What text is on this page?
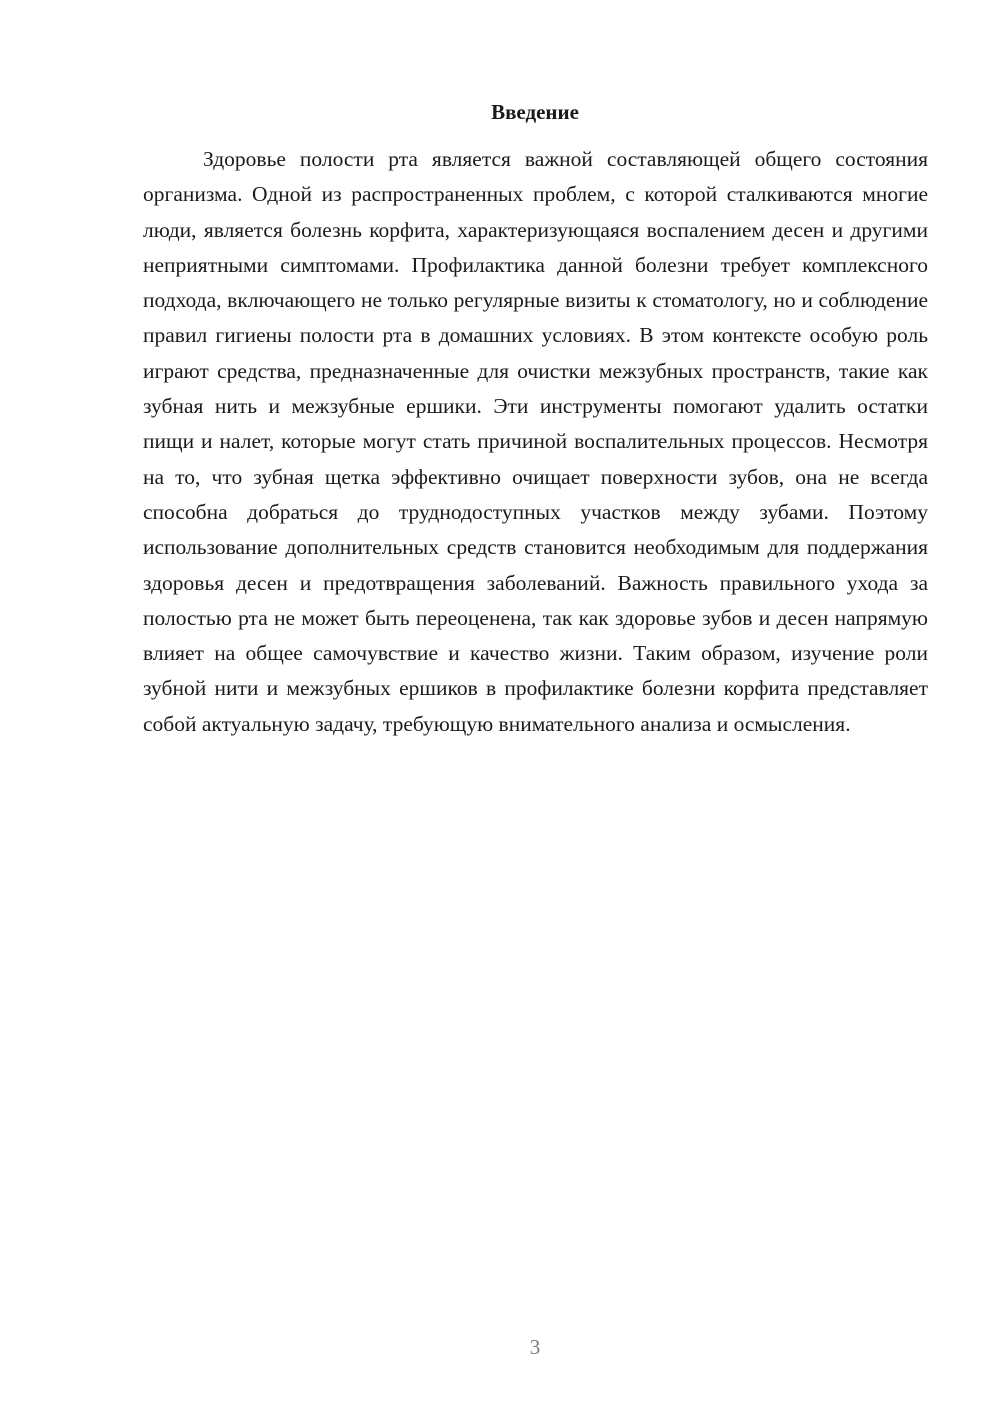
Введение

Здоровье полости рта является важной составляющей общего состояния организма. Одной из распространенных проблем, с которой сталкиваются многие люди, является болезнь корфита, характеризующаяся воспалением десен и другими неприятными симптомами. Профилактика данной болезни требует комплексного подхода, включающего не только регулярные визиты к стоматологу, но и соблюдение правил гигиены полости рта в домашних условиях. В этом контексте особую роль играют средства, предназначенные для очистки межзубных пространств, такие как зубная нить и межзубные ершики. Эти инструменты помогают удалить остатки пищи и налет, которые могут стать причиной воспалительных процессов. Несмотря на то, что зубная щетка эффективно очищает поверхности зубов, она не всегда способна добраться до труднодоступных участков между зубами. Поэтому использование дополнительных средств становится необходимым для поддержания здоровья десен и предотвращения заболеваний. Важность правильного ухода за полостью рта не может быть переоценена, так как здоровье зубов и десен напрямую влияет на общее самочувствие и качество жизни. Таким образом, изучение роли зубной нити и межзубных ершиков в профилактике болезни корфита представляет собой актуальную задачу, требующую внимательного анализа и осмысления.

3
